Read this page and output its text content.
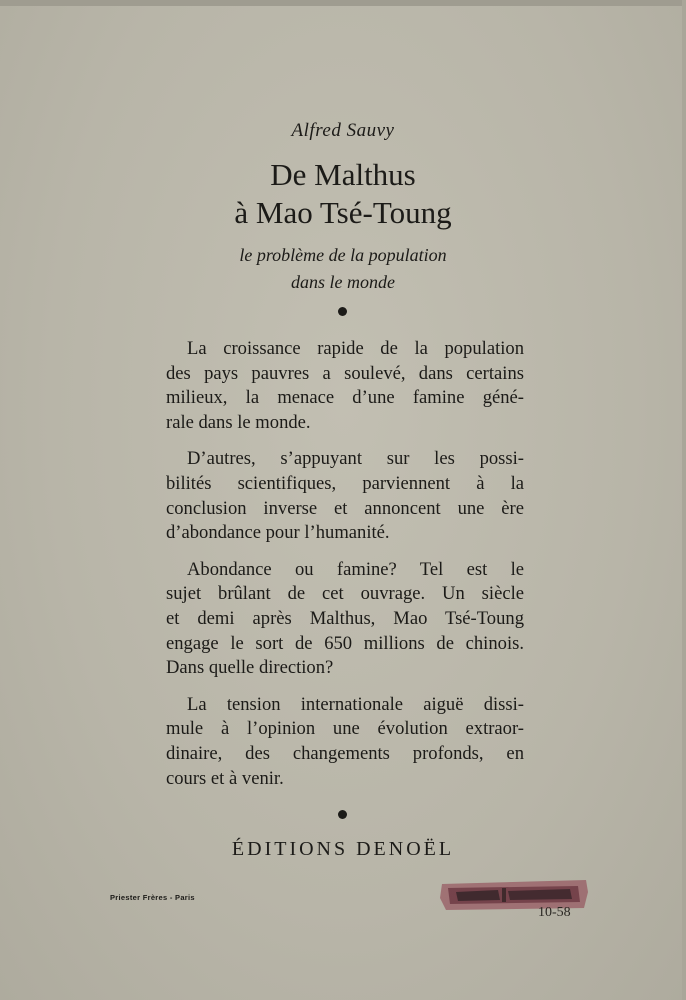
Alfred Sauvy
De Malthus
à Mao Tsé-Toung
le problème de la population
dans le monde

La croissance rapide de la population
des pays pauvres a soulevé, dans certains
milieux, la menace d’une famine géné-
rale dans le monde.

D’autres, s’appuyant sur les possi-
bilités scientifiques, parviennent à la
conclusion inverse et annoncent une ère
d’abondance pour l’humanité.

Abondance ou famine? Tel est le
sujet brûlant de cet ouvrage. Un siècle
et demi après Malthus, Mao Tsé-Toung
engage le sort de 650 millions de chinois.
Dans quelle direction?

La tension internationale aiguë dissi-
mule à l’opinion une évolution extraor-
dinaire, des changements profonds, en
cours et à venir.

ÉDITIONS DENOËL
Priester Frères - Paris
10-58
